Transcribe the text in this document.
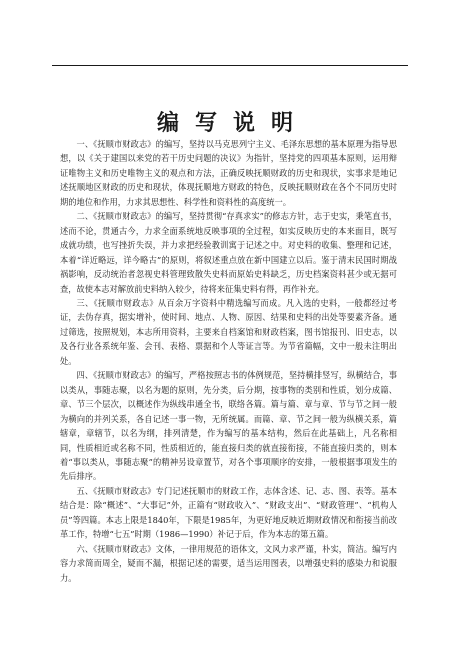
编写说明

一、《抚顺市财政志》的编写，坚持以马克思列宁主义、毛泽东思想的基本原理为指导思想，以《关于建国以来党的若干历史问题的决议》为指针，坚持党的四项基本原则，运用辩证唯物主义和历史唯物主义的观点和方法，正确反映抚顺财政的历史和现状，实事求是地记述抚顺地区财政的历史和现状，体现抚顺地方财政的特色，反映抚顺财政在各个不同历史时期的地位和作用，力求其思想性、科学性和资料性的高度统一。

二、《抚顺市财政志》的编写，坚持贯彻“存真求实”的修志方针，志于史实，秉笔直书，述而不论，贯通古今，力求全面系统地反映事项的全过程，如实反映历史的本来面目，既写成就功绩，也写挫折失误，并力求把经验教训寓于记述之中。对史料的收集、整理和记述，本着“详近略远，详今略古”的原则，将叙述重点放在新中国建立以后。鉴于清末民国时期战祸影响，反动统治者忽视史料管理致散失史料而原始史料缺乏，历史档案资料甚少或无据可查，故使本志对解放前史料纳入较少，待将来征集史料有得，再作补充。

三、《抚顺市财政志》从百余万字资料中精选编写而成。凡入选的史料，一般都经过考证，去伪存真，据实增补，使时间、地点、人物、原因、结果和史料的出处等要素齐备。通过筛选，按照规划，本志所用资料，主要来自档案馆和财政档案，图书馆报刊、旧史志，以及各行业各系统年鉴、会刊、表格、票据和个人等证言等。为节省篇幅，文中一般未注明出处。

四、《抚顺市财政志》的编写，严格按照志书的体例规范，坚持横排竖写，纵横结合，事以类从，事随志聚，以名为题的原则，先分类，后分期，按事物的类别和性质，划分成篇、章、节三个层次，以概述作为纵线串通全书，联络各篇。篇与篇、章与章、节与节之间一般为横向的并列关系，各自记述一事一物，无所统属。而篇、章、节之间一般为纵横关系，篇辖章，章辖节，以名为纲，排列清楚，作为编写的基本结构，然后在此基础上，凡名称相同，性质相近或名称不同，性质相近的，能直接归类的就直接衔接，不能直接归类的，则本着“事以类从，事随志聚”的精神另设章置节，对各个事项顺序的安排，一般根据事项发生的先后排序。

五、《抚顺市财政志》专门记述抚顺市的财政工作，志体含述、记、志、图、表等。基本结合是：除“概述”、“大事记”外，正篇有“财政收入”、“财政支出”、“财政管理”、“机构人员”等四篇。本志上限是1840年，下限是1985年，为更好地反映近期财政情况和衔接当前改革工作，特增“七五”时期（1986—1990）补记于后，作为本志的第五篇。

六、《抚顺市财政志》文体，一律用规范的语体文，文风力求严谨，朴实，简洁。编写内容力求简而周全，疑而不漏，根据记述的需要，适当运用图表，以增强史料的感染力和说服力。
